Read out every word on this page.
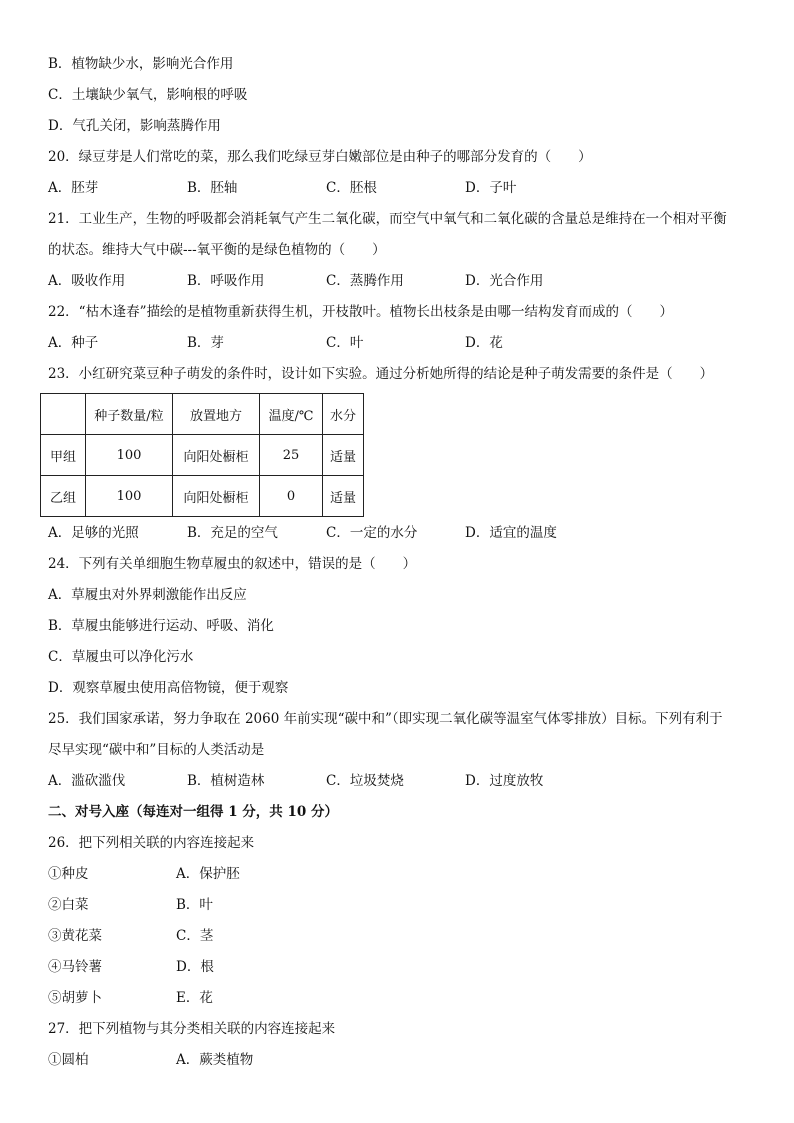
B．植物缺少水，影响光合作用
C．土壤缺少氧气，影响根的呼吸
D．气孔关闭，影响蒸腾作用
20．绿豆芽是人们常吃的菜，那么我们吃绿豆芽白嫩部位是由种子的哪部分发育的（　　）
A．胚芽	B．胚轴	C．胚根	D．子叶
21．工业生产，生物的呼吸都会消耗氧气产生二氧化碳，而空气中氧气和二氧化碳的含量总是维持在一个相对平衡
的状态。维持大气中碳---氧平衡的是绿色植物的（　　）
A．吸收作用	B．呼吸作用	C．蒸腾作用	D．光合作用
22．“枯木逢春”描绘的是植物重新获得生机，开枝散叶。植物长出枝条是由哪一结构发育而成的（　　）
A．种子	B．芽	C．叶	D．花
23．小红研究菜豆种子萌发的条件时，设计如下实验。通过分析她所得的结论是种子萌发需要的条件是（　　）
	种子数量/粒	放置地方	温度/℃	水分
甲组	100	向阳处橱柜	25	适量
乙组	100	向阳处橱柜	0	适量
A．足够的光照	B．充足的空气	C．一定的水分	D．适宜的温度
24．下列有关单细胞生物草履虫的叙述中，错误的是（　　）
A．草履虫对外界刺激能作出反应
B．草履虫能够进行运动、呼吸、消化
C．草履虫可以净化污水
D．观察草履虫使用高倍物镜，便于观察
25．我们国家承诺，努力争取在 2060 年前实现“碳中和”（即实现二氧化碳等温室气体零排放）目标。下列有利于
尽早实现“碳中和”目标的人类活动是
A．滥砍滥伐	B．植树造林	C．垃圾焚烧	D．过度放牧
二、对号入座（每连对一组得 1 分，共 10 分）
26．把下列相关联的内容连接起来
①种皮	A．保护胚
②白菜	B．叶
③黄花菜	C．茎
④马铃薯	D．根
⑤胡萝卜	E．花
27．把下列植物与其分类相关联的内容连接起来
①圆柏	A．蕨类植物
